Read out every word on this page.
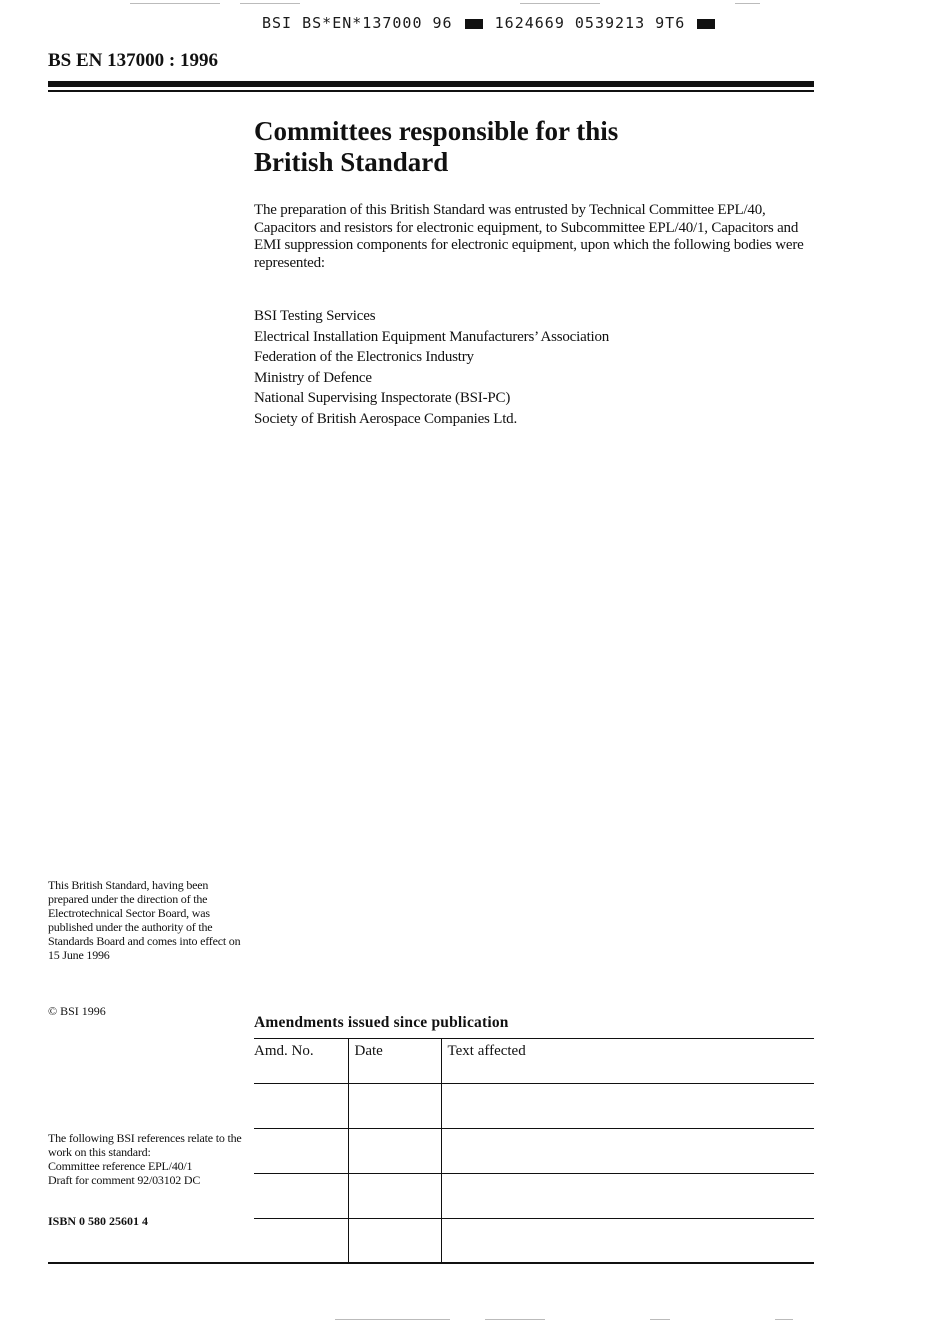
BSI BS*EN*137000 96	1624669 0539213 9T6
BS EN 137000 : 1996
Committees responsible for this
British Standard
The preparation of this British Standard was entrusted by Technical Committee EPL/40, Capacitors and resistors for electronic equipment, to Subcommittee EPL/40/1, Capacitors and EMI suppression components for electronic equipment, upon which the following bodies were represented:
BSI Testing Services
Electrical Installation Equipment Manufacturers’ Association
Federation of the Electronics Industry
Ministry of Defence
National Supervising Inspectorate (BSI-PC)
Society of British Aerospace Companies Ltd.
This British Standard, having been prepared under the direction of the Electrotechnical Sector Board, was published under the authority of the Standards Board and comes into effect on
15 June 1996
© BSI 1996
The following BSI references relate to the work on this standard:
Committee reference EPL/40/1
Draft for comment 92/03102 DC
ISBN 0 580 25601 4
Amendments issued since publication
Amd. No.	Date	Text affected
